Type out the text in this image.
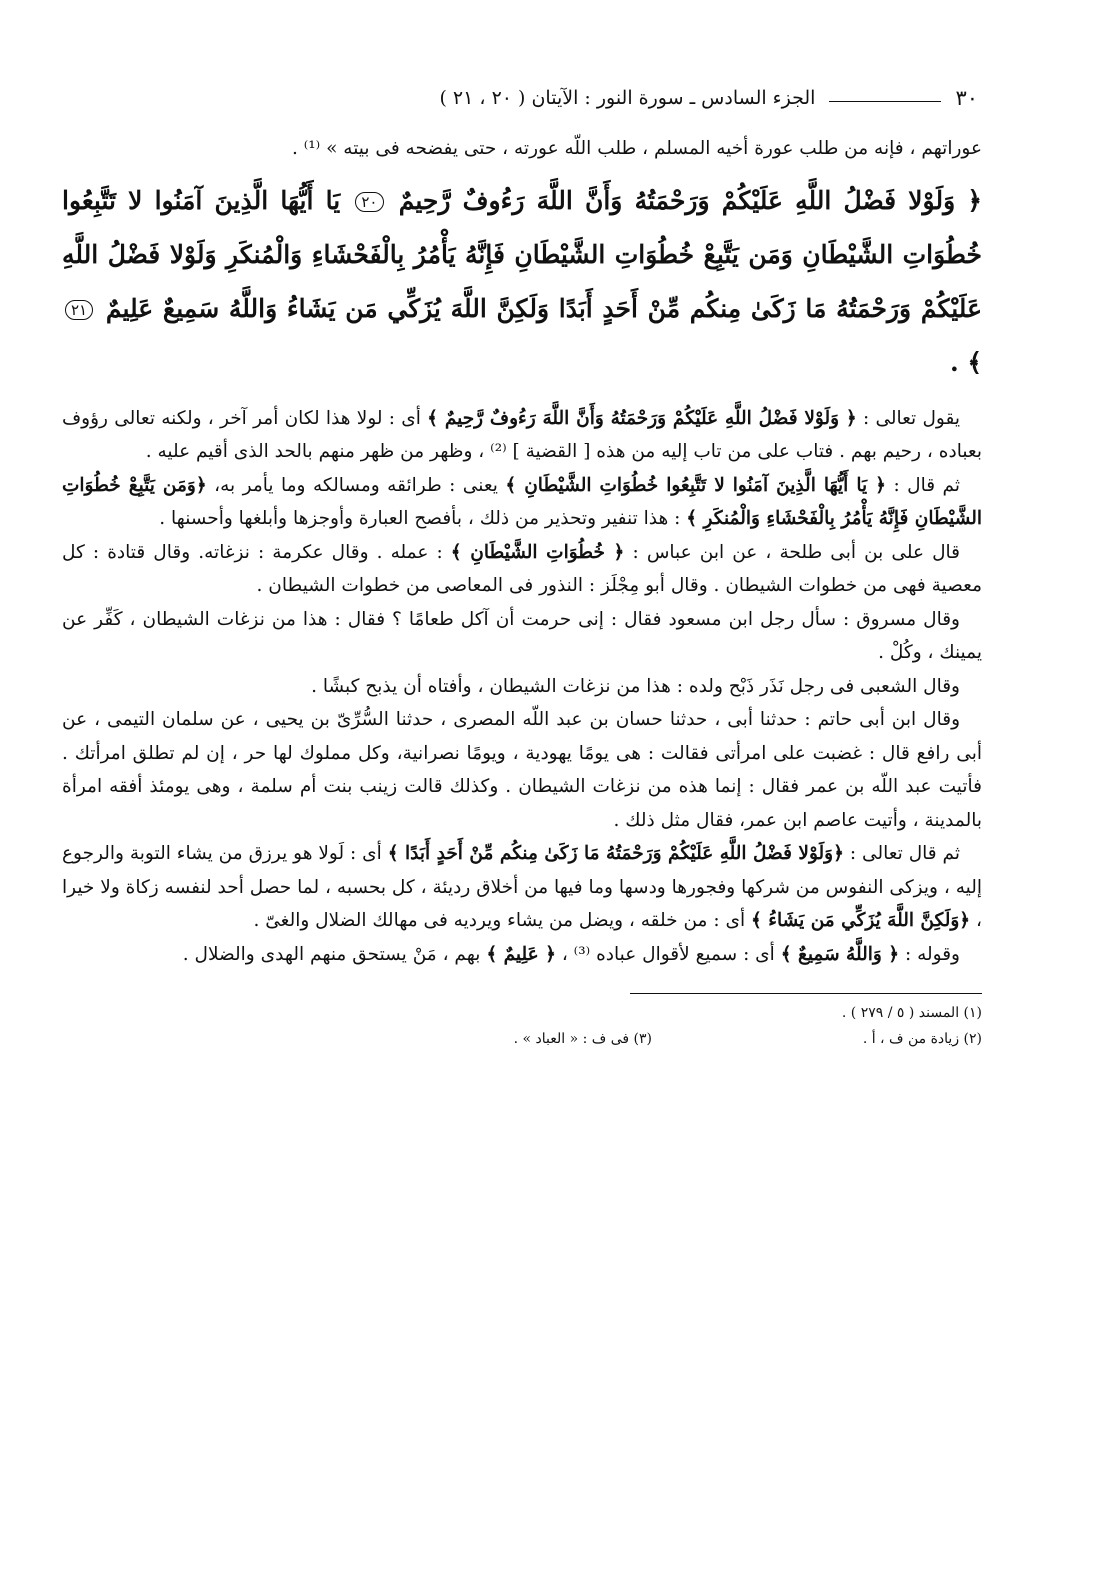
٣٠
الجزء السادس ـ سورة النور : الآيتان ( ٢٠ ، ٢١ )

عوراتهم ، فإنه من طلب عورة أخيه المسلم ، طلب اللّه عورته ، حتى يفضحه فى بيته » ⁽¹⁾ .

﴿ وَلَوْلا فَضْلُ اللَّهِ عَلَيْكُمْ وَرَحْمَتُهُ وَأَنَّ اللَّهَ رَءُوفٌ رَّحِيمٌ ٢٠ يَا أَيُّهَا الَّذِينَ آمَنُوا لا تَتَّبِعُوا خُطُوَاتِ الشَّيْطَانِ وَمَن يَتَّبِعْ خُطُوَاتِ الشَّيْطَانِ فَإِنَّهُ يَأْمُرُ بِالْفَحْشَاءِ وَالْمُنكَرِ وَلَوْلا فَضْلُ اللَّهِ عَلَيْكُمْ وَرَحْمَتُهُ مَا زَكَىٰ مِنكُم مِّنْ أَحَدٍ أَبَدًا وَلَكِنَّ اللَّهَ يُزَكِّي مَن يَشَاءُ وَاللَّهُ سَمِيعٌ عَلِيمٌ ٢١ ﴾ .

يقول تعالى : ﴿ وَلَوْلا فَضْلُ اللَّهِ عَلَيْكُمْ وَرَحْمَتُهُ وَأَنَّ اللَّهَ رَءُوفٌ رَّحِيمٌ ﴾ أى : لولا هذا لكان أمر آخر ، ولكنه تعالى رؤوف بعباده ، رحيم بهم . فتاب على من تاب إليه من هذه [ القضية ] ⁽²⁾ ، وظهر من ظهر منهم بالحد الذى أقيم عليه .

ثم قال : ﴿ يَا أَيُّهَا الَّذِينَ آمَنُوا لا تَتَّبِعُوا خُطُوَاتِ الشَّيْطَانِ ﴾ يعنى : طرائقه ومسالكه وما يأمر به، ﴿وَمَن يَتَّبِعْ خُطُوَاتِ الشَّيْطَانِ فَإِنَّهُ يَأْمُرُ بِالْفَحْشَاءِ وَالْمُنكَرِ ﴾ : هذا تنفير وتحذير من ذلك ، بأفصح العبارة وأوجزها وأبلغها وأحسنها .

قال على بن أبى طلحة ، عن ابن عباس : ﴿ خُطُوَاتِ الشَّيْطَانِ ﴾ : عمله . وقال عكرمة : نزغاته. وقال قتادة : كل معصية فهى من خطوات الشيطان . وقال أبو مِجْلَز : النذور فى المعاصى من خطوات الشيطان .

وقال مسروق : سأل رجل ابن مسعود فقال : إنى حرمت أن آكل طعامًا ؟ فقال : هذا من نزغات الشيطان ، كَفِّر عن يمينك ، وكُلْ .

وقال الشعبى فى رجل نَذَر ذَبْح ولده : هذا من نزغات الشيطان ، وأفتاه أن يذبح كبشًا .

وقال ابن أبى حاتم : حدثنا أبى ، حدثنا حسان بن عبد اللّه المصرى ، حدثنا السُّرِّىّ بن يحيى ، عن سلمان التيمى ، عن أبى رافع قال : غضبت على امرأتى فقالت : هى يومًا يهودية ، ويومًا نصرانية، وكل مملوك لها حر ، إن لم تطلق امرأتك . فأتيت عبد اللّه بن عمر فقال : إنما هذه من نزغات الشيطان . وكذلك قالت زينب بنت أم سلمة ، وهى يومئذ أفقه امرأة بالمدينة ، وأتيت عاصم ابن عمر، فقال مثل ذلك .

ثم قال تعالى : ﴿وَلَوْلا فَضْلُ اللَّهِ عَلَيْكُمْ وَرَحْمَتُهُ مَا زَكَىٰ مِنكُم مِّنْ أَحَدٍ أَبَدًا ﴾ أى : لَولا هو يرزق من يشاء التوبة والرجوع إليه ، ويزكى النفوس من شركها وفجورها ودسها وما فيها من أخلاق رديئة ، كل بحسبه ، لما حصل أحد لنفسه زكاة ولا خيرا ، ﴿وَلَكِنَّ اللَّهَ يُزَكِّي مَن يَشَاءُ ﴾ أى : من خلقه ، ويضل من يشاء ويرديه فى مهالك الضلال والغىّ .

وقوله : ﴿ وَاللَّهُ سَمِيعٌ ﴾ أى : سميع لأقوال عباده ⁽³⁾ ، ﴿ عَلِيمٌ ﴾ بهم ، مَنْ يستحق منهم الهدى والضلال .

(١) المسند ( ٥ / ٢٧٩ ) .
(٢) زيادة من ف ، أ .
(٣) فى ف : « العباد » .
